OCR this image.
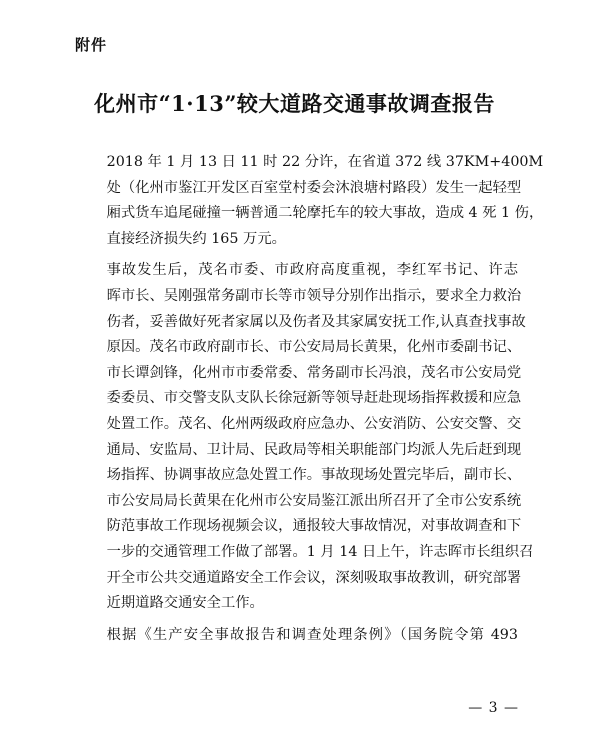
附件
化州市“1·13”较大道路交通事故调查报告

2018 年 1 月 13 日 11 时 22 分许，在省道 372 线 37KM+400M
处（化州市鉴江开发区百室堂村委会沐浪塘村路段）发生一起轻型
厢式货车追尾碰撞一辆普通二轮摩托车的较大事故，造成 4 死 1 伤，
直接经济损失约 165 万元。

事故发生后，茂名市委、市政府高度重视，李红军书记、许志
晖市长、吴刚强常务副市长等市领导分别作出指示，要求全力救治
伤者，妥善做好死者家属以及伤者及其家属安抚工作,认真查找事故
原因。茂名市政府副市长、市公安局局长黄果，化州市委副书记、
市长谭剑锋，化州市市委常委、常务副市长冯浪，茂名市公安局党
委委员、市交警支队支队长徐冠新等领导赶赴现场指挥救援和应急
处置工作。茂名、化州两级政府应急办、公安消防、公安交警、交
通局、安监局、卫计局、民政局等相关职能部门均派人先后赶到现
场指挥、协调事故应急处置工作。事故现场处置完毕后，副市长、
市公安局局长黄果在化州市公安局鉴江派出所召开了全市公安系统
防范事故工作现场视频会议，通报较大事故情况，对事故调查和下
一步的交通管理工作做了部署。1 月 14 日上午，许志晖市长组织召
开全市公共交通道路安全工作会议，深刻吸取事故教训，研究部署
近期道路交通安全工作。

根据《生产安全事故报告和调查处理条例》（国务院令第 493

— 3 —
